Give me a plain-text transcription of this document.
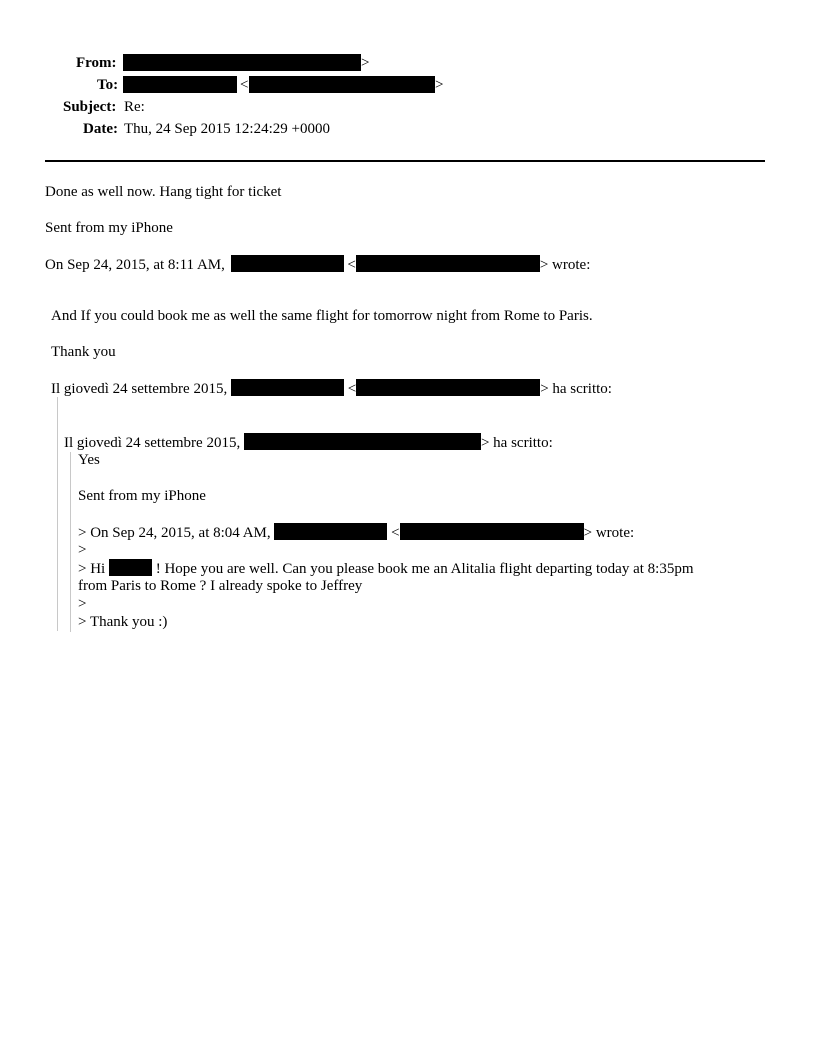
From:	>
To:	<	>
Subject: Re:
Date: Thu, 24 Sep 2015 12:24:29 +0000
Done as well now. Hang tight for ticket
Sent from my iPhone
On Sep 24, 2015, at 8:11 AM,	<	> wrote:
And If you could book me as well the same flight for tomorrow night from Rome to Paris.
Thank you
Il giovedì 24 settembre 2015,	<	> ha scritto:
Il giovedì 24 settembre 2015,	> ha scritto:
Yes
Sent from my iPhone
> On Sep 24, 2015, at 8:04 AM,	<	> wrote:
>
> Hi	! Hope you are well. Can you please book me an Alitalia flight departing today at 8:35pm
from Paris to Rome ? I already spoke to Jeffrey
>
> Thank you :)
